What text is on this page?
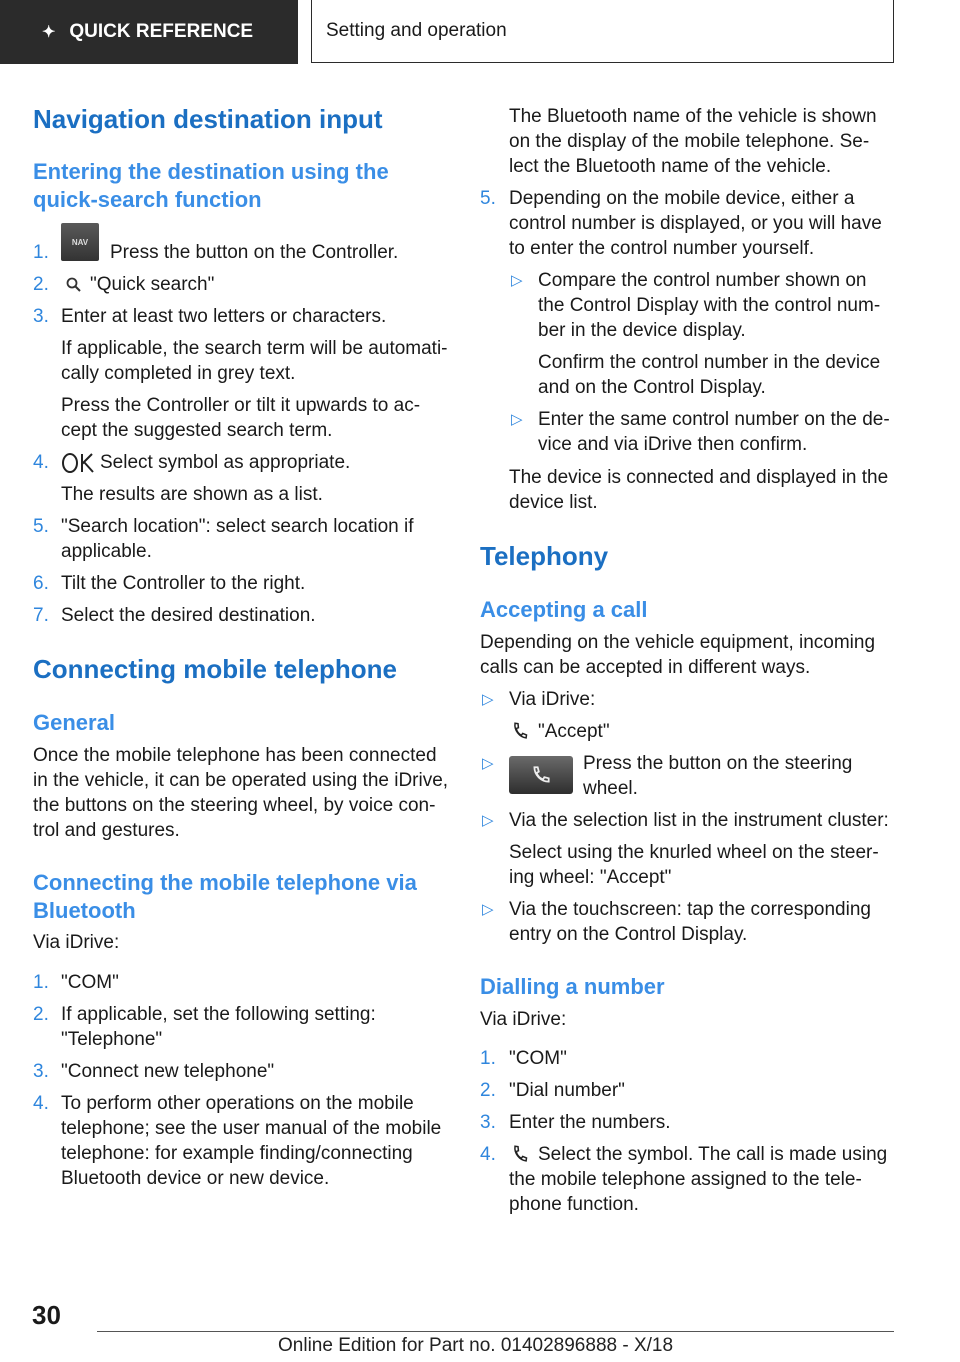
✦ QUICK REFERENCE	Setting and operation
Navigation destination input
Entering the destination using the quick-search function
1.	NAV Press the button on the Controller.
2. "Quick search"
3. Enter at least two letters or characters.
If applicable, the search term will be automati-
cally completed in grey text.
Press the Controller or tilt it upwards to ac-
cept the suggested search term.
4.	Select symbol as appropriate.
The results are shown as a list.
5. "Search location": select search location if
applicable.
6. Tilt the Controller to the right.
7. Select the desired destination.
Connecting mobile telephone
General
Once the mobile telephone has been connected
in the vehicle, it can be operated using the iDrive,
the buttons on the steering wheel, by voice con-
trol and gestures.
Connecting the mobile telephone via
Bluetooth
Via iDrive:
1. "COM"
2. If applicable, set the following setting:
"Telephone"
3. "Connect new telephone"
4. To perform other operations on the mobile
telephone; see the user manual of the mobile
telephone: for example finding/connecting
Bluetooth device or new device.
The Bluetooth name of the vehicle is shown
on the display of the mobile telephone. Se-
lect the Bluetooth name of the vehicle.
5. Depending on the mobile device, either a
control number is displayed, or you will have
to enter the control number yourself.
▷ Compare the control number shown on
the Control Display with the control num-
ber in the device display.
Confirm the control number in the device
and on the Control Display.
▷ Enter the same control number on the de-
vice and via iDrive then confirm.
The device is connected and displayed in the
device list.
Telephony
Accepting a call
Depending on the vehicle equipment, incoming
calls can be accepted in different ways.
▷ Via iDrive:
"Accept"
▷	Press the button on the steering
wheel.
▷ Via the selection list in the instrument cluster:
Select using the knurled wheel on the steer-
ing wheel: "Accept"
▷ Via the touchscreen: tap the corresponding
entry on the Control Display.
Dialling a number
Via iDrive:
1. "COM"
2. "Dial number"
3. Enter the numbers.
4. Select the symbol. The call is made using
the mobile telephone assigned to the tele-
phone function.
30
Online Edition for Part no. 01402896888 - X/18
